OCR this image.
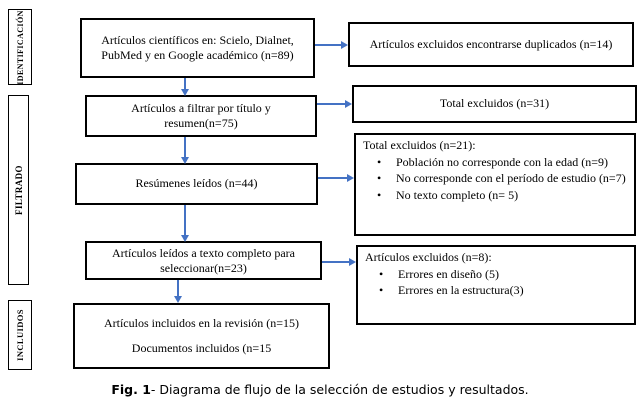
IDENTIFICACIÓN
FILTRADO
INCLUIDOS
Artículos científicos en: Scielo, Dialnet, PubMed y en Google académico (n=89)
Artículos a filtrar por título y resumen(n=75)
Resúmenes leídos (n=44)
Artículos leídos a texto completo para seleccionar(n=23)
Artículos incluidos en la revisión (n=15)
Documentos incluidos (n=15
Artículos excluidos encontrarse duplicados (n=14)
Total excluidos (n=31)
Total excluidos (n=21):
• Población no corresponde con la edad (n=9)
• No corresponde con el período de estudio (n=7)
• No texto completo (n= 5)
Artículos excluidos (n=8):
• Errores en diseño (5)
• Errores en la estructura(3)
Fig. 1- Diagrama de flujo de la selección de estudios y resultados.
